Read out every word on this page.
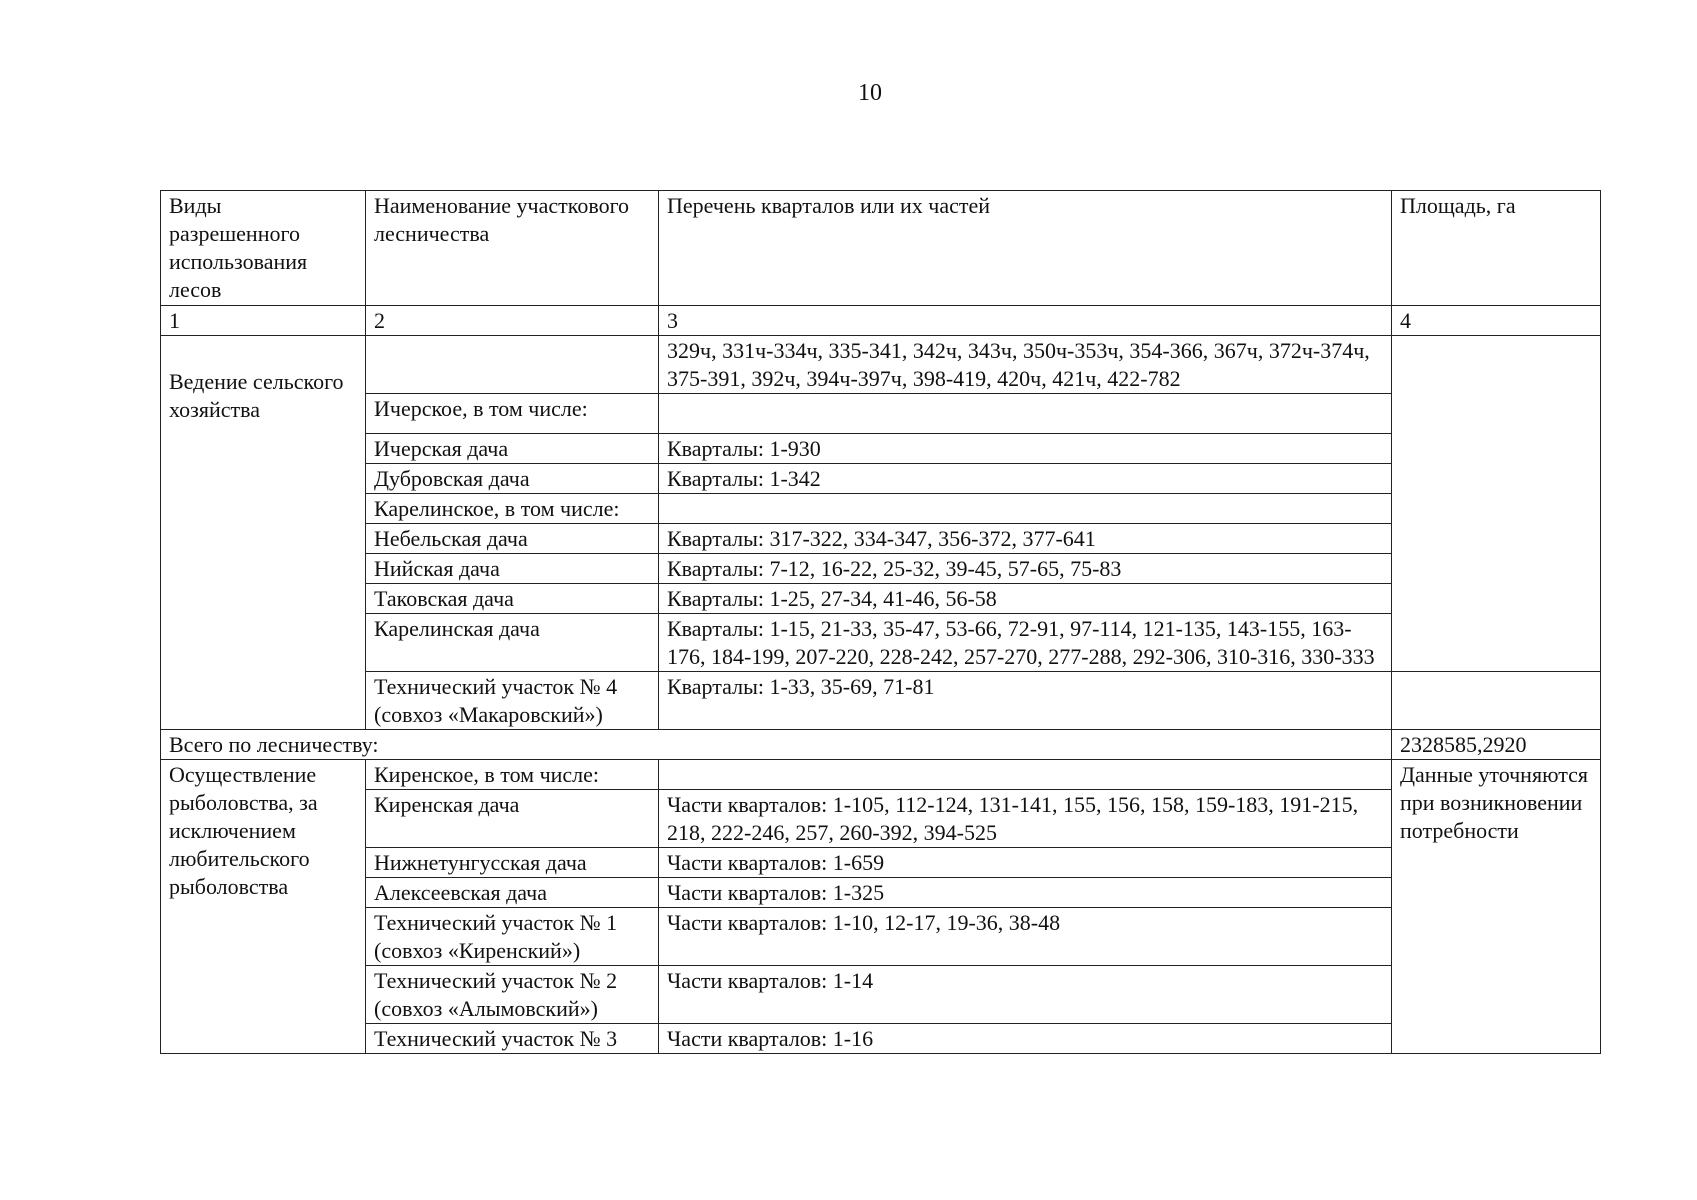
10
Виды разрешенного использования лесов	Наименование участкового лесничества	Перечень кварталов или их частей	Площадь, га
1	2	3	4
Ведение сельского хозяйства		329ч, 331ч-334ч, 335-341, 342ч, 343ч, 350ч-353ч, 354-366, 367ч, 372ч-374ч, 375-391, 392ч, 394ч-397ч, 398-419, 420ч, 421ч, 422-782	
	Ичерское, в том числе:		
	Ичерская дача	Кварталы: 1-930	
	Дубровская дача	Кварталы: 1-342	
	Карелинское, в том числе:		
	Небельская дача	Кварталы: 317-322, 334-347, 356-372, 377-641	
	Нийская дача	Кварталы: 7-12, 16-22, 25-32, 39-45, 57-65, 75-83	
	Таковская дача	Кварталы: 1-25, 27-34, 41-46, 56-58	
	Карелинская дача	Кварталы: 1-15, 21-33, 35-47, 53-66, 72-91, 97-114, 121-135, 143-155, 163-176, 184-199, 207-220, 228-242, 257-270, 277-288, 292-306, 310-316, 330-333	
	Технический участок № 4 (совхоз «Макаровский»)	Кварталы: 1-33, 35-69, 71-81	
Всего по лесничеству:			2328585,2920
Осуществление рыболовства, за исключением любительского рыболовства	Киренское, в том числе:		Данные уточняются при возникновении потребности
	Киренская дача	Части кварталов: 1-105, 112-124, 131-141, 155, 156, 158, 159-183, 191-215, 218, 222-246, 257, 260-392, 394-525	
	Нижнетунгусская дача	Части кварталов: 1-659	
	Алексеевская дача	Части кварталов: 1-325	
	Технический участок № 1 (совхоз «Киренский»)	Части кварталов: 1-10, 12-17, 19-36, 38-48	
	Технический участок № 2 (совхоз «Алымовский»)	Части кварталов: 1-14	
	Технический участок № 3	Части кварталов: 1-16	
